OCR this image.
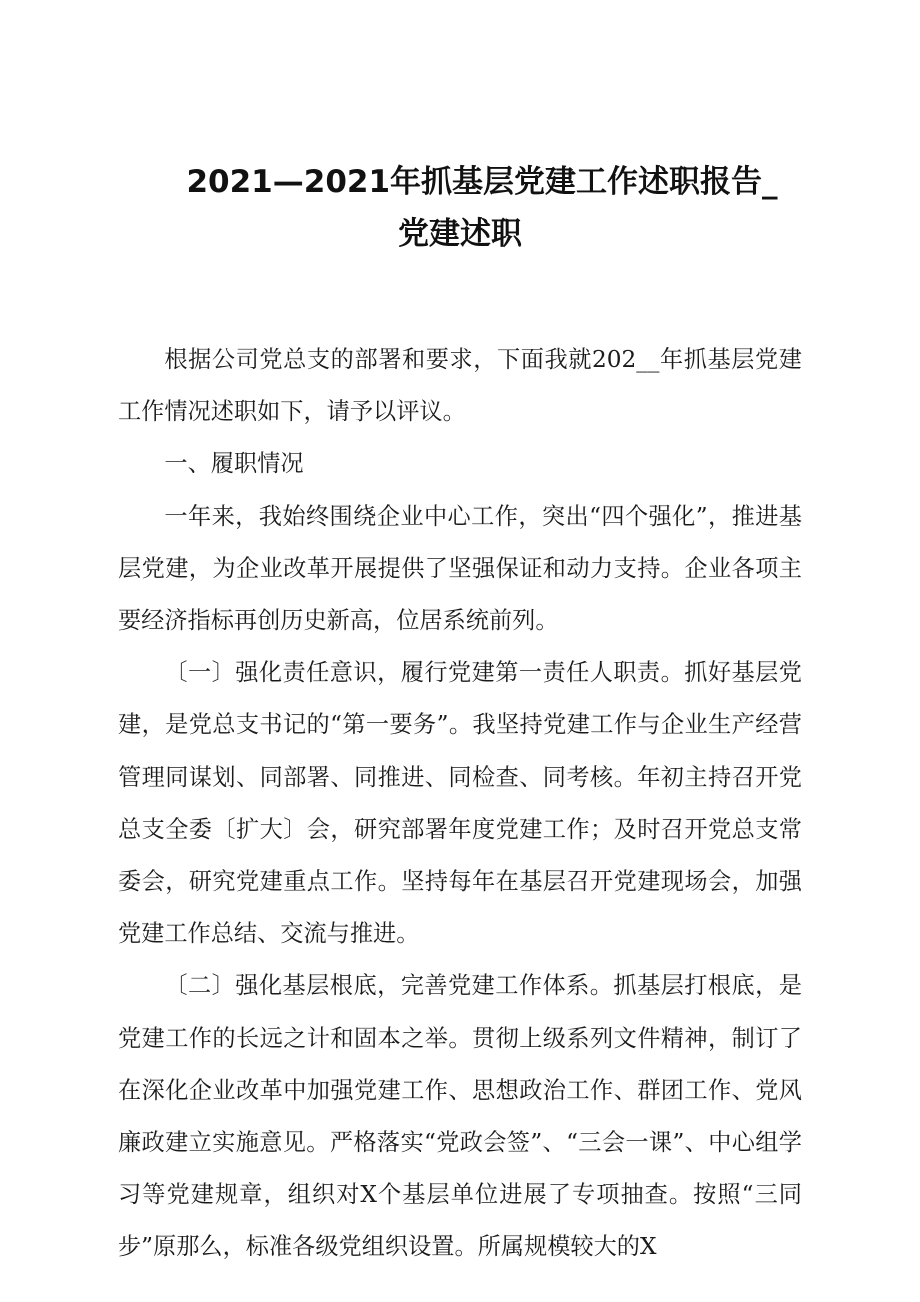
2021—2021年抓基层党建工作述职报告_
党建述职

根据公司党总支的部署和要求，下面我就202__年抓基层党建工作情况述职如下，请予以评议。

一、履职情况

一年来，我始终围绕企业中心工作，突出“四个强化”，推进基层党建，为企业改革开展提供了坚强保证和动力支持。企业各项主要经济指标再创历史新高，位居系统前列。

〔一〕强化责任意识，履行党建第一责任人职责。抓好基层党建，是党总支书记的“第一要务”。我坚持党建工作与企业生产经营管理同谋划、同部署、同推进、同检查、同考核。年初主持召开党总支全委〔扩大〕会，研究部署年度党建工作；及时召开党总支常委会，研究党建重点工作。坚持每年在基层召开党建现场会，加强党建工作总结、交流与推进。

〔二〕强化基层根底，完善党建工作体系。抓基层打根底，是党建工作的长远之计和固本之举。贯彻上级系列文件精神，制订了在深化企业改革中加强党建工作、思想政治工作、群团工作、党风廉政建立实施意见。严格落实“党政会签”、“三会一课”、中心组学习等党建规章，组织对X个基层单位进展了专项抽查。按照“三同步”原那么，标准各级党组织设置。所属规模较大的X
